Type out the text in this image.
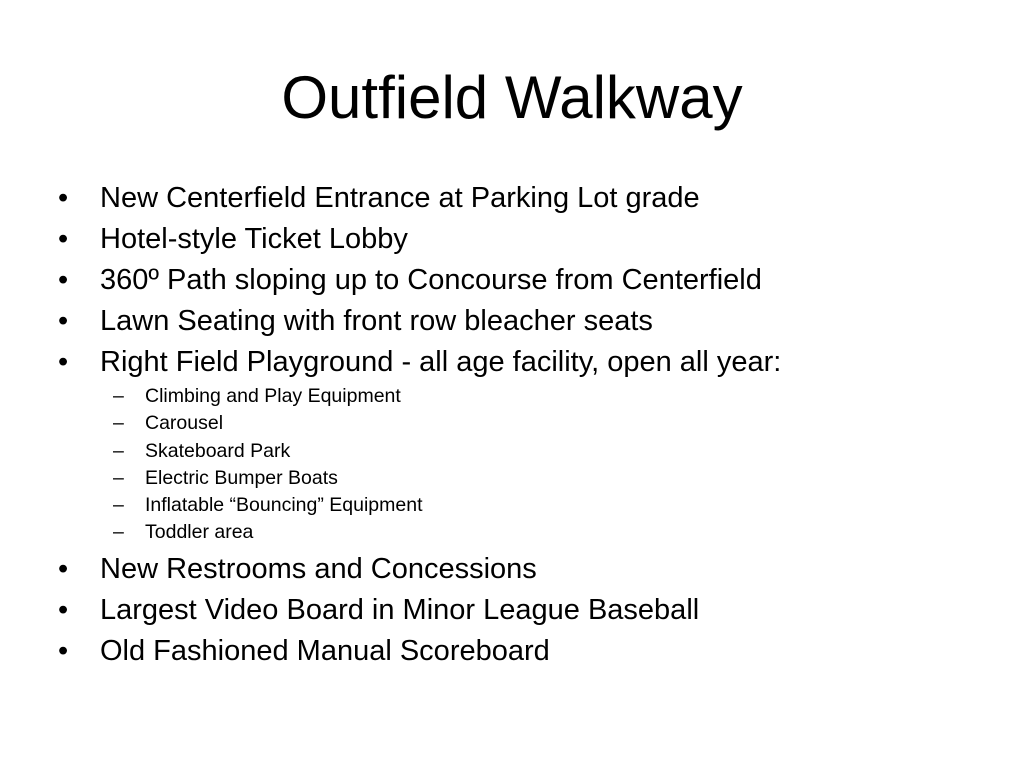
Outfield Walkway
•	New Centerfield Entrance at Parking Lot grade
•	Hotel-style Ticket Lobby
•	360º Path sloping up to Concourse from Centerfield
•	Lawn Seating with front row bleacher seats
•	Right Field Playground - all age facility, open all year:
–	Climbing and Play Equipment
–	Carousel
–	Skateboard Park
–	Electric Bumper Boats
–	Inflatable “Bouncing” Equipment
–	Toddler area
•	New Restrooms and Concessions
•	Largest Video Board in Minor League Baseball
•	Old Fashioned Manual Scoreboard
